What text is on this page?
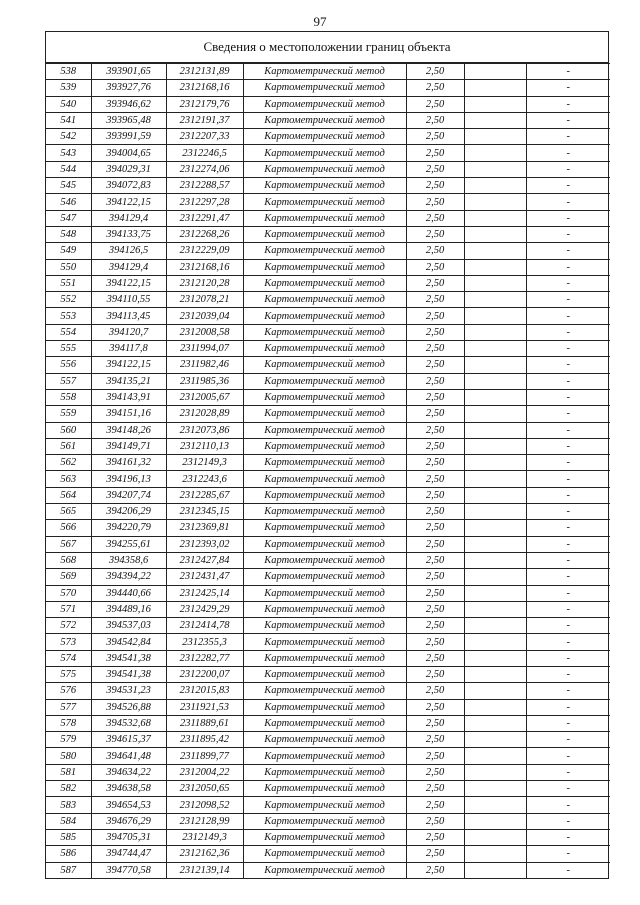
97
Сведения о местоположении границ объекта
538	393901,65	2312131,89	Картометрический метод	2,50		-
539	393927,76	2312168,16	Картометрический метод	2,50		-
540	393946,62	2312179,76	Картометрический метод	2,50		-
541	393965,48	2312191,37	Картометрический метод	2,50		-
542	393991,59	2312207,33	Картометрический метод	2,50		-
543	394004,65	2312246,5	Картометрический метод	2,50		-
544	394029,31	2312274,06	Картометрический метод	2,50		-
545	394072,83	2312288,57	Картометрический метод	2,50		-
546	394122,15	2312297,28	Картометрический метод	2,50		-
547	394129,4	2312291,47	Картометрический метод	2,50		-
548	394133,75	2312268,26	Картометрический метод	2,50		-
549	394126,5	2312229,09	Картометрический метод	2,50		-
550	394129,4	2312168,16	Картометрический метод	2,50		-
551	394122,15	2312120,28	Картометрический метод	2,50		-
552	394110,55	2312078,21	Картометрический метод	2,50		-
553	394113,45	2312039,04	Картометрический метод	2,50		-
554	394120,7	2312008,58	Картометрический метод	2,50		-
555	394117,8	2311994,07	Картометрический метод	2,50		-
556	394122,15	2311982,46	Картометрический метод	2,50		-
557	394135,21	2311985,36	Картометрический метод	2,50		-
558	394143,91	2312005,67	Картометрический метод	2,50		-
559	394151,16	2312028,89	Картометрический метод	2,50		-
560	394148,26	2312073,86	Картометрический метод	2,50		-
561	394149,71	2312110,13	Картометрический метод	2,50		-
562	394161,32	2312149,3	Картометрический метод	2,50		-
563	394196,13	2312243,6	Картометрический метод	2,50		-
564	394207,74	2312285,67	Картометрический метод	2,50		-
565	394206,29	2312345,15	Картометрический метод	2,50		-
566	394220,79	2312369,81	Картометрический метод	2,50		-
567	394255,61	2312393,02	Картометрический метод	2,50		-
568	394358,6	2312427,84	Картометрический метод	2,50		-
569	394394,22	2312431,47	Картометрический метод	2,50		-
570	394440,66	2312425,14	Картометрический метод	2,50		-
571	394489,16	2312429,29	Картометрический метод	2,50		-
572	394537,03	2312414,78	Картометрический метод	2,50		-
573	394542,84	2312355,3	Картометрический метод	2,50		-
574	394541,38	2312282,77	Картометрический метод	2,50		-
575	394541,38	2312200,07	Картометрический метод	2,50		-
576	394531,23	2312015,83	Картометрический метод	2,50		-
577	394526,88	2311921,53	Картометрический метод	2,50		-
578	394532,68	2311889,61	Картометрический метод	2,50		-
579	394615,37	2311895,42	Картометрический метод	2,50		-
580	394641,48	2311899,77	Картометрический метод	2,50		-
581	394634,22	2312004,22	Картометрический метод	2,50		-
582	394638,58	2312050,65	Картометрический метод	2,50		-
583	394654,53	2312098,52	Картометрический метод	2,50		-
584	394676,29	2312128,99	Картометрический метод	2,50		-
585	394705,31	2312149,3	Картометрический метод	2,50		-
586	394744,47	2312162,36	Картометрический метод	2,50		-
587	394770,58	2312139,14	Картометрический метод	2,50		-
